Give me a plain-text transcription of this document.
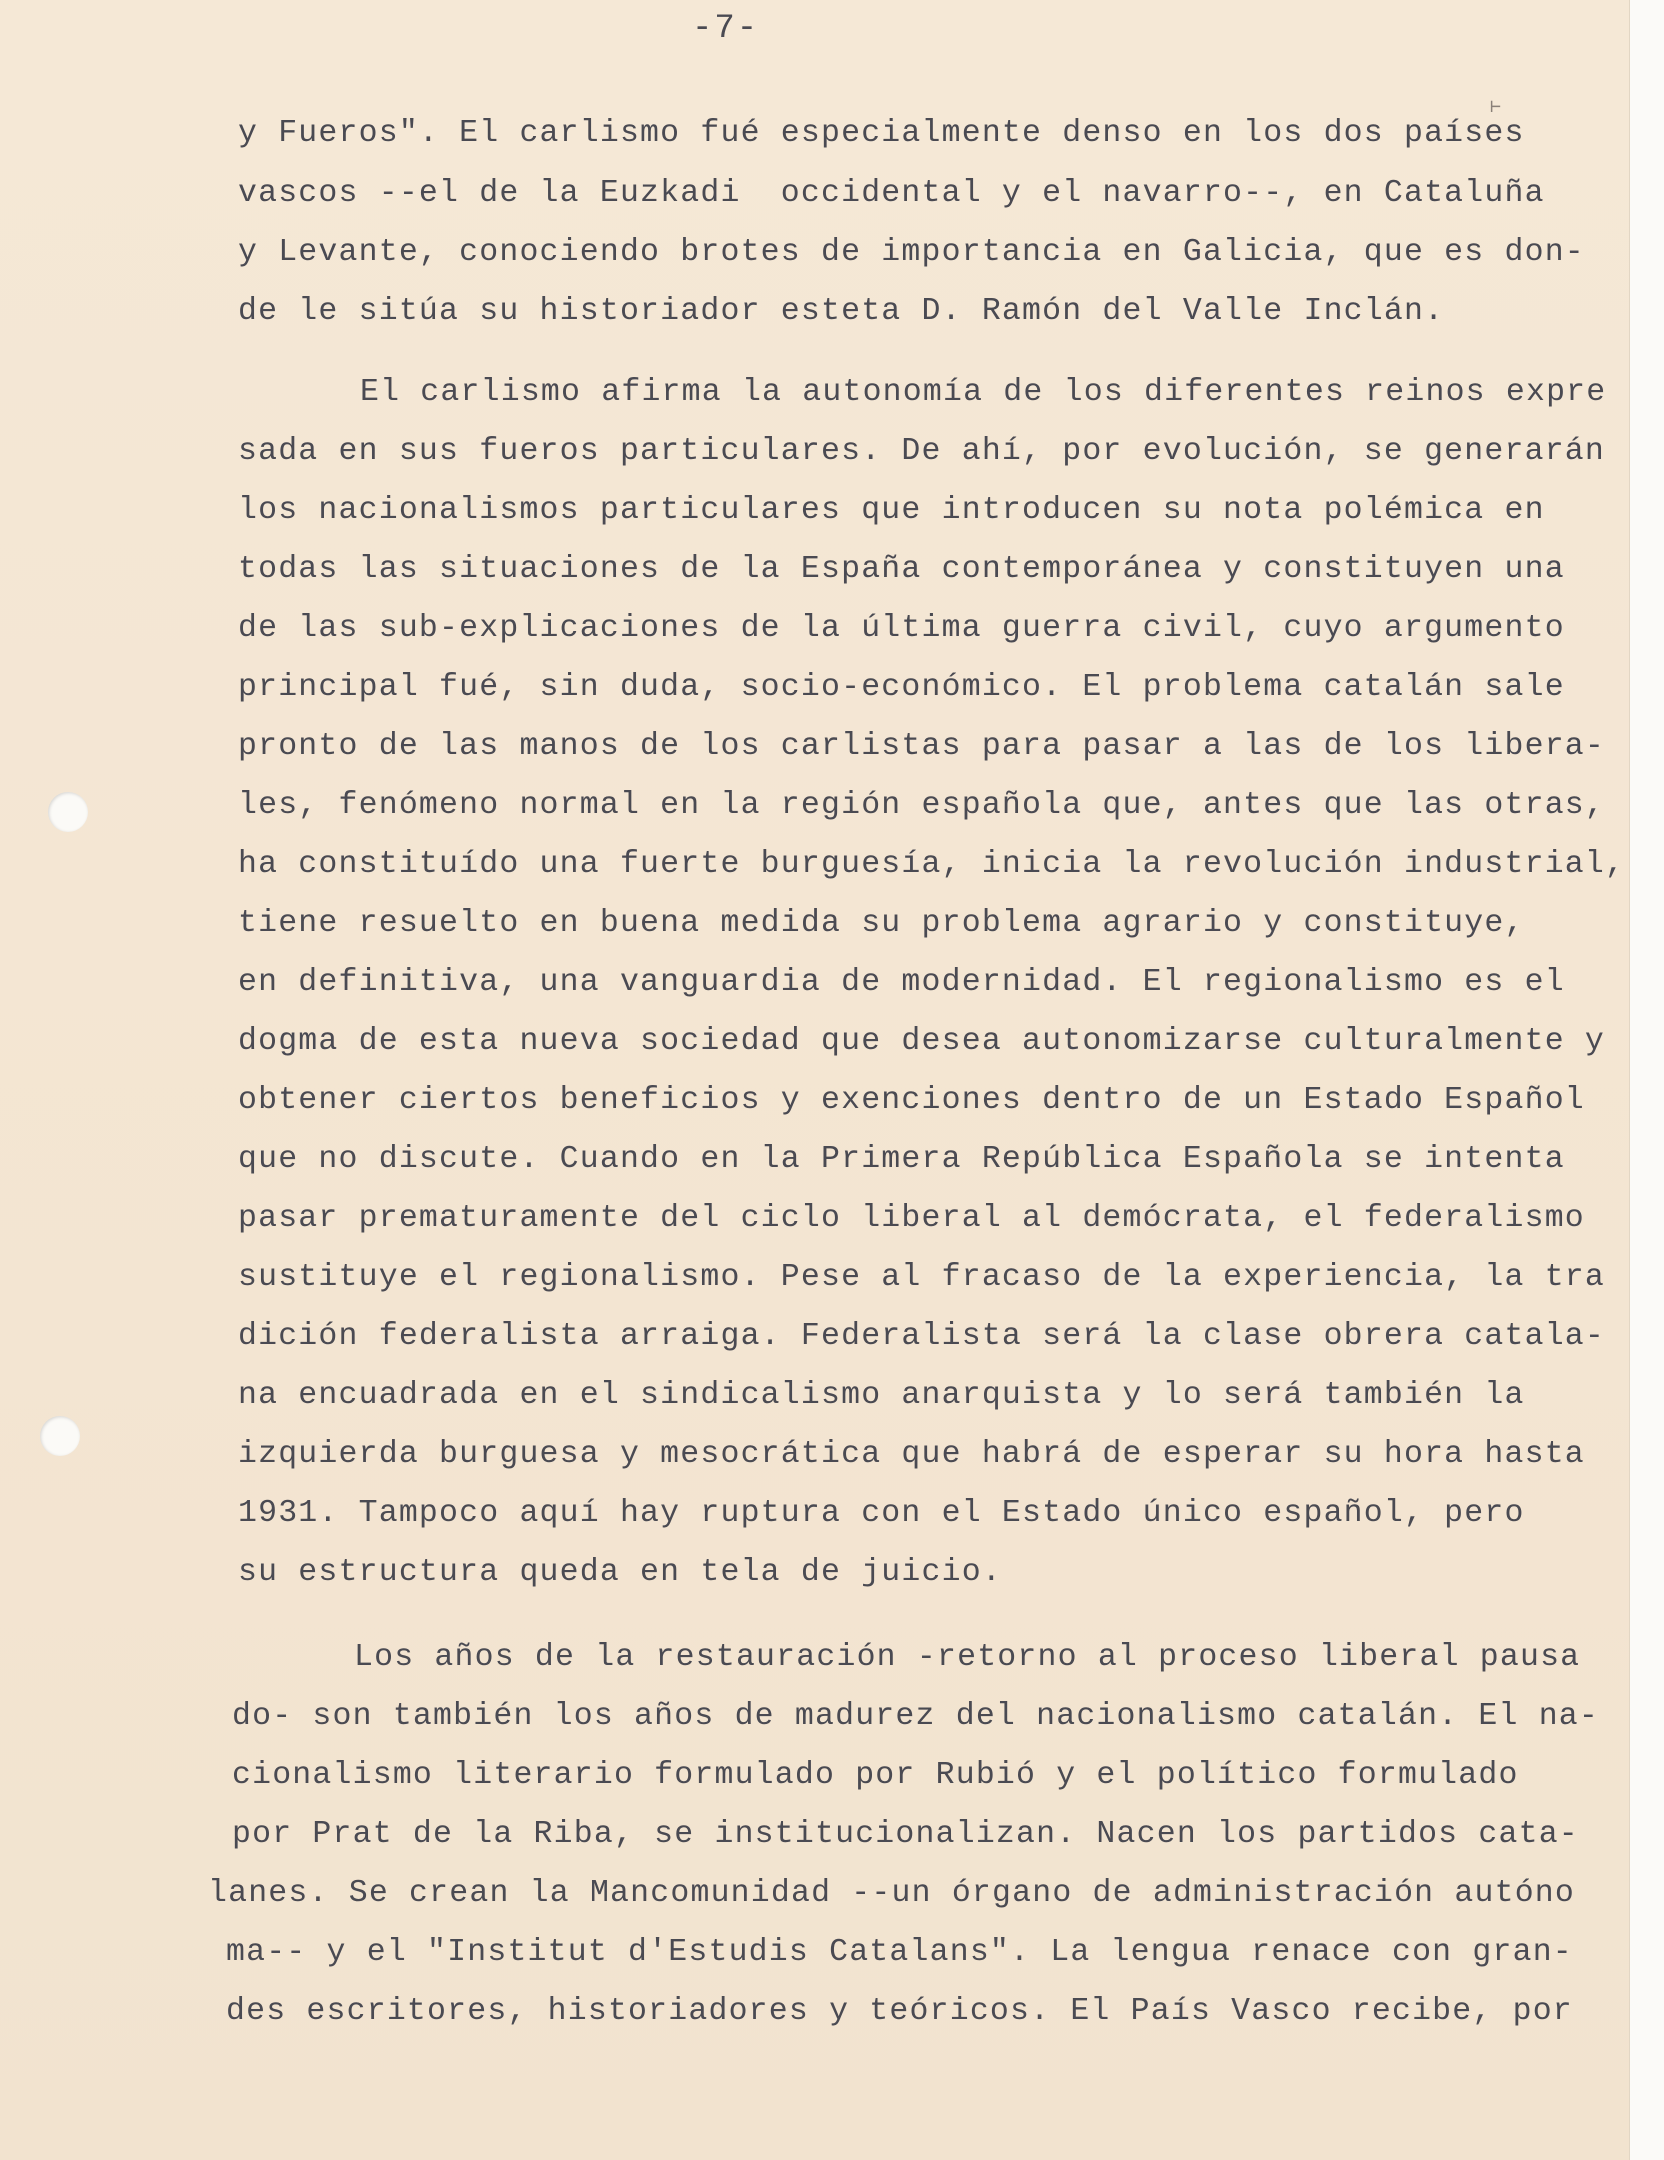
-7-
⊢
y Fueros". El carlismo fué especialmente denso en los dos países
vascos --el de la Euzkadi  occidental y el navarro--, en Cataluña
y Levante, conociendo brotes de importancia en Galicia, que es don-
de le sitúa su historiador esteta D. Ramón del Valle Inclán.
El carlismo afirma la autonomía de los diferentes reinos expre
sada en sus fueros particulares. De ahí, por evolución, se generarán
los nacionalismos particulares que introducen su nota polémica en
todas las situaciones de la España contemporánea y constituyen una
de las sub-explicaciones de la última guerra civil, cuyo argumento
principal fué, sin duda, socio-económico. El problema catalán sale
pronto de las manos de los carlistas para pasar a las de los libera-
les, fenómeno normal en la región española que, antes que las otras,
ha constituído una fuerte burguesía, inicia la revolución industrial,
tiene resuelto en buena medida su problema agrario y constituye,
en definitiva, una vanguardia de modernidad. El regionalismo es el
dogma de esta nueva sociedad que desea autonomizarse culturalmente y
obtener ciertos beneficios y exenciones dentro de un Estado Español
que no discute. Cuando en la Primera República Española se intenta
pasar prematuramente del ciclo liberal al demócrata, el federalismo
sustituye el regionalismo. Pese al fracaso de la experiencia, la tra
dición federalista arraiga. Federalista será la clase obrera catala-
na encuadrada en el sindicalismo anarquista y lo será también la
izquierda burguesa y mesocrática que habrá de esperar su hora hasta
1931. Tampoco aquí hay ruptura con el Estado único español, pero
su estructura queda en tela de juicio.
Los años de la restauración -retorno al proceso liberal pausa
do- son también los años de madurez del nacionalismo catalán. El na-
cionalismo literario formulado por Rubió y el político formulado
por Prat de la Riba, se institucionalizan. Nacen los partidos cata-
lanes. Se crean la Mancomunidad --un órgano de administración autóno
ma-- y el "Institut d'Estudis Catalans". La lengua renace con gran-
des escritores, historiadores y teóricos. El País Vasco recibe, por
